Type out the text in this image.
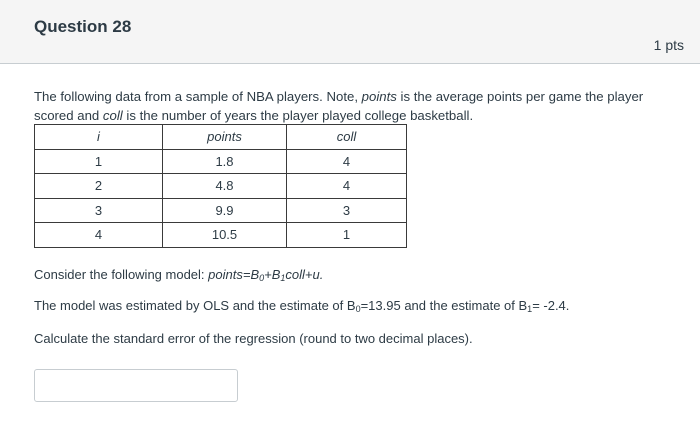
Question 28
1 pts
The following data from a sample of NBA players. Note, points is the average points per game the player scored and coll is the number of years the player played college basketball.
i	points	coll
1	1.8	4
2	4.8	4
3	9.9	3
4	10.5	1
Consider the following model: $points=B_0+B_1coll+u$.
The model was estimated by OLS and the estimate of $B_0=13.95$ and the estimate of $B_1= -2.4$.
Calculate the standard error of the regression (round to two decimal places).
